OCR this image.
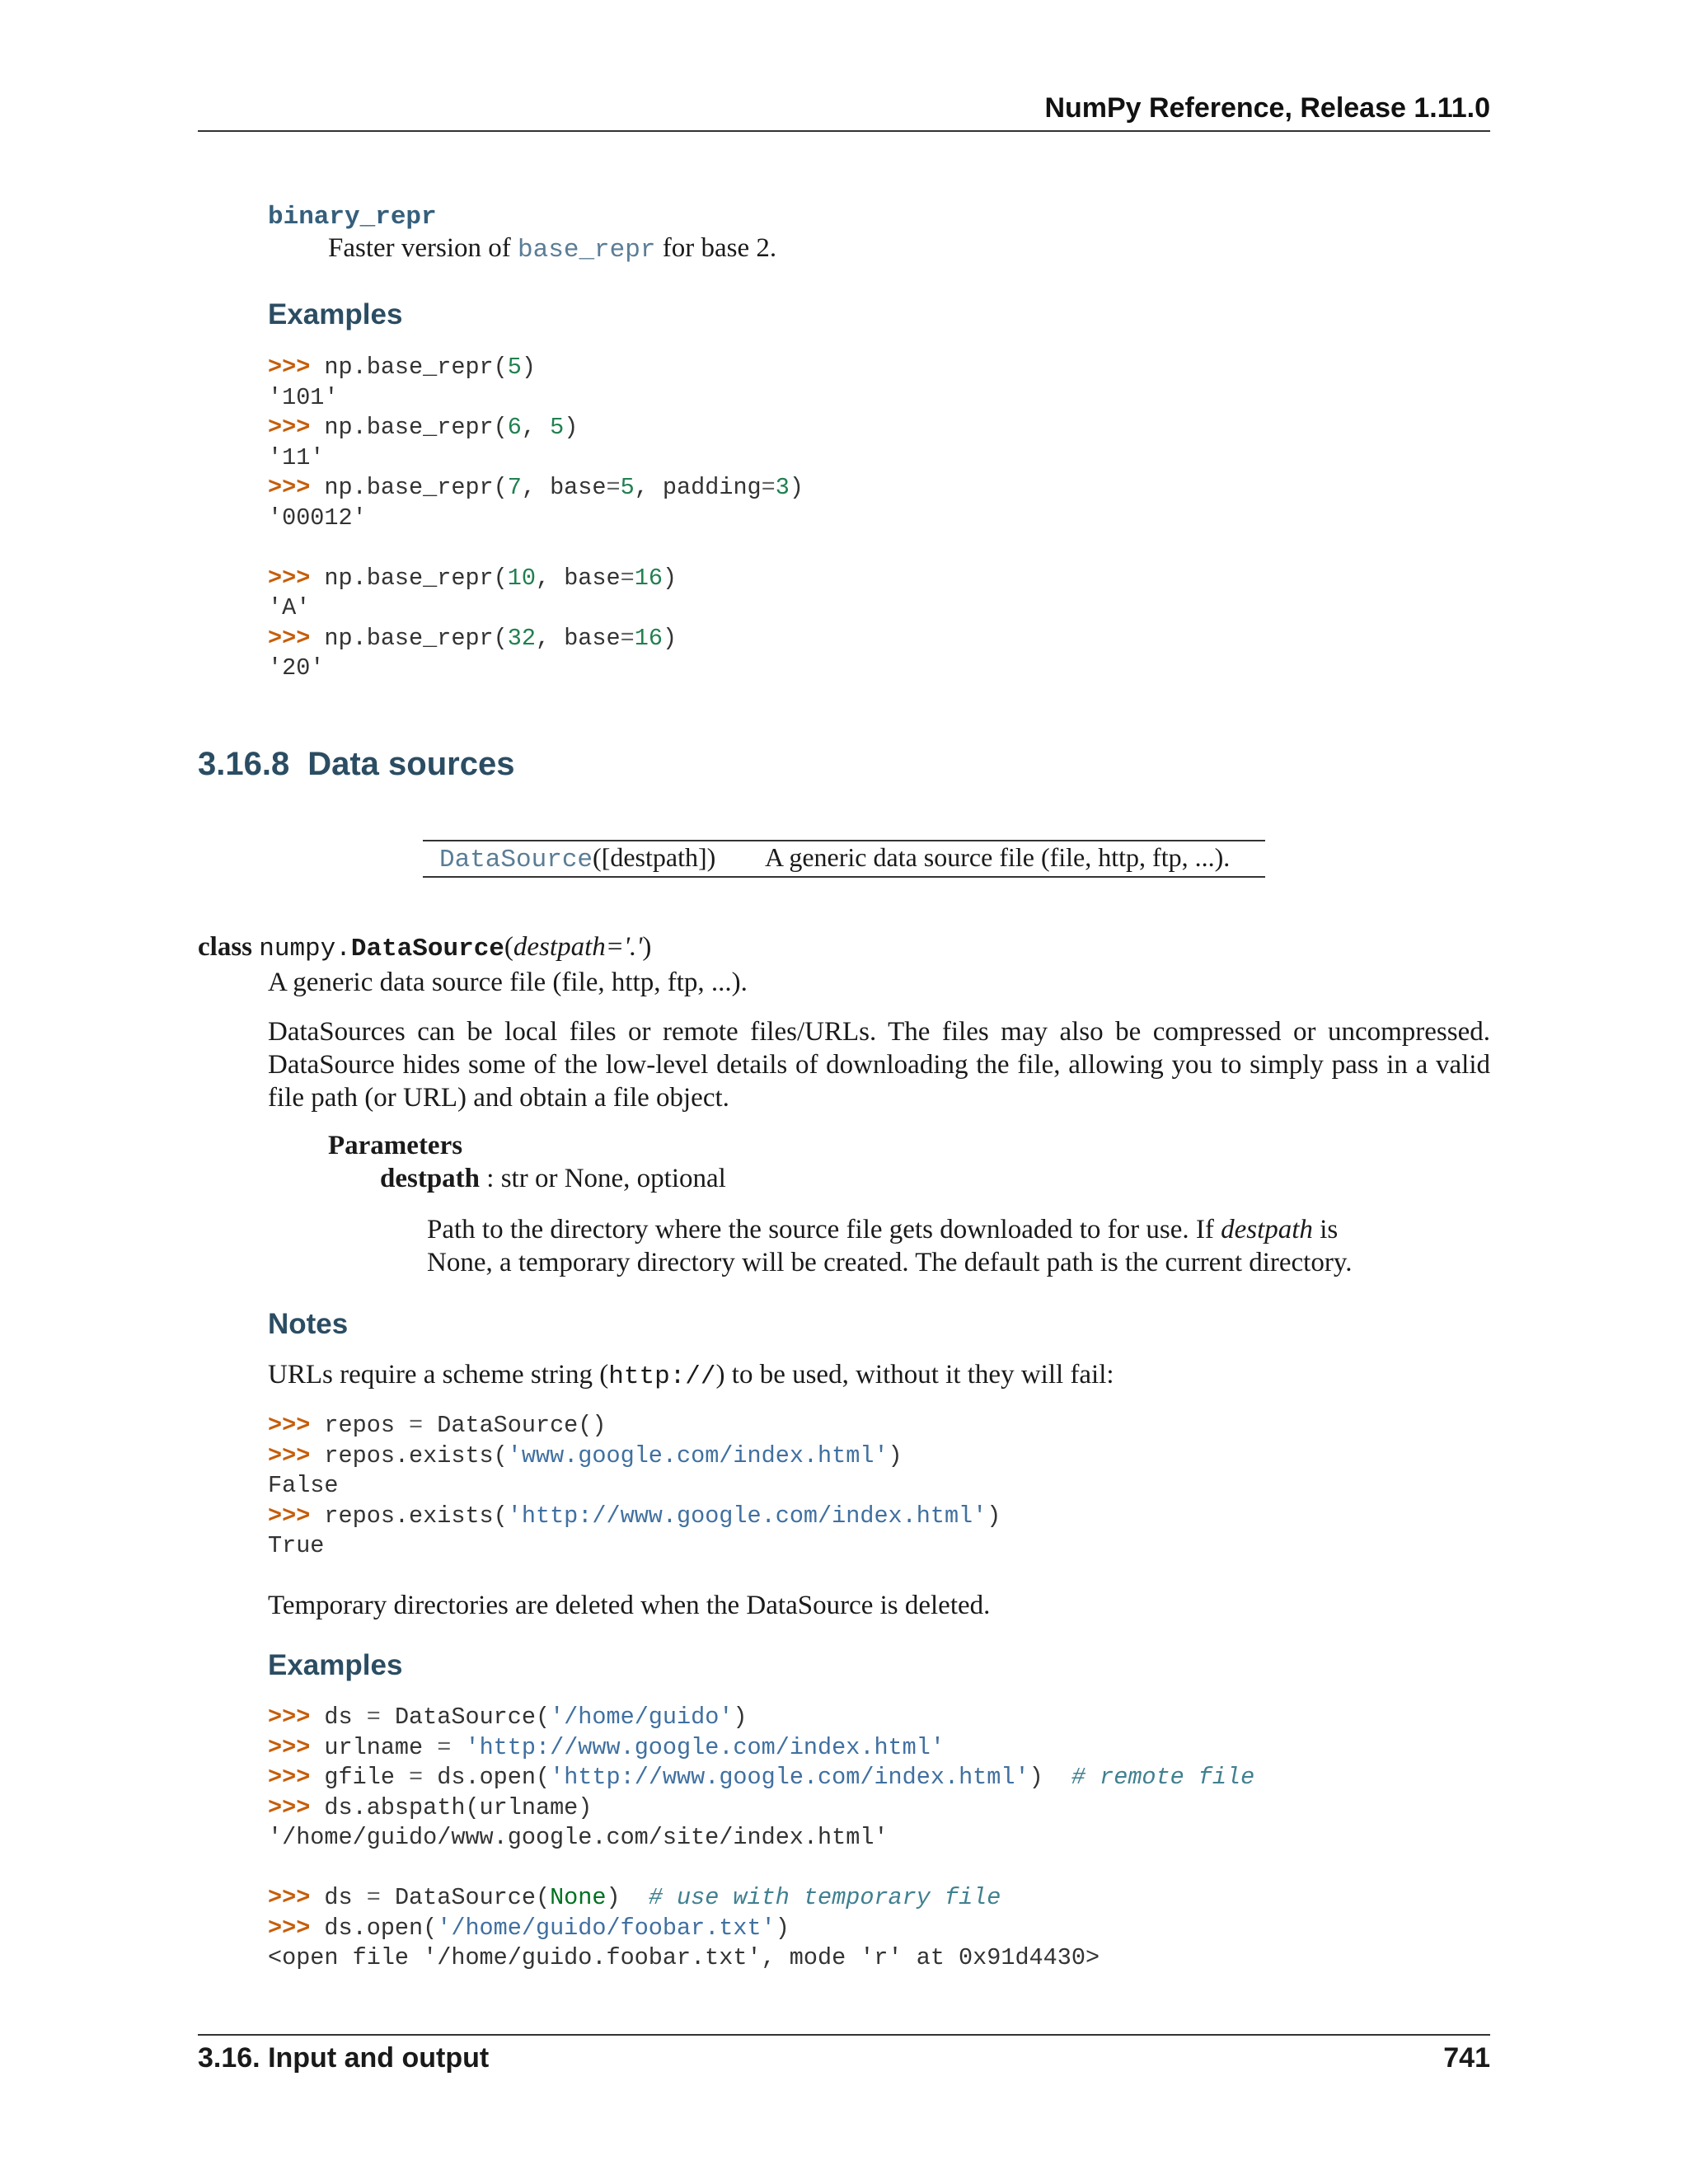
NumPy Reference, Release 1.11.0
binary_repr
Faster version of base_repr for base 2.
Examples
>>> np.base_repr(5)
'101'
>>> np.base_repr(6, 5)
'11'
>>> np.base_repr(7, base=5, padding=3)
'00012'

>>> np.base_repr(10, base=16)
'A'
>>> np.base_repr(32, base=16)
'20'
3.16.8 Data sources
DataSource([destpath]) A generic data source file (file, http, ftp, ...).
class numpy.DataSource(destpath='.')
A generic data source file (file, http, ftp, ...).
DataSources can be local files or remote files/URLs. The files may also be compressed or uncompressed. DataSource hides some of the low-level details of downloading the file, allowing you to simply pass in a valid file path (or URL) and obtain a file object.
Parameters
destpath : str or None, optional
Path to the directory where the source file gets downloaded to for use. If destpath is None, a temporary directory will be created. The default path is the current directory.
Notes
URLs require a scheme string (http://) to be used, without it they will fail:
>>> repos = DataSource()
>>> repos.exists('www.google.com/index.html')
False
>>> repos.exists('http://www.google.com/index.html')
True
Temporary directories are deleted when the DataSource is deleted.
Examples
>>> ds = DataSource('/home/guido')
>>> urlname = 'http://www.google.com/index.html'
>>> gfile = ds.open('http://www.google.com/index.html')  # remote file
>>> ds.abspath(urlname)
'/home/guido/www.google.com/site/index.html'

>>> ds = DataSource(None)  # use with temporary file
>>> ds.open('/home/guido/foobar.txt')
<open file '/home/guido.foobar.txt', mode 'r' at 0x91d4430>
3.16. Input and output	741
